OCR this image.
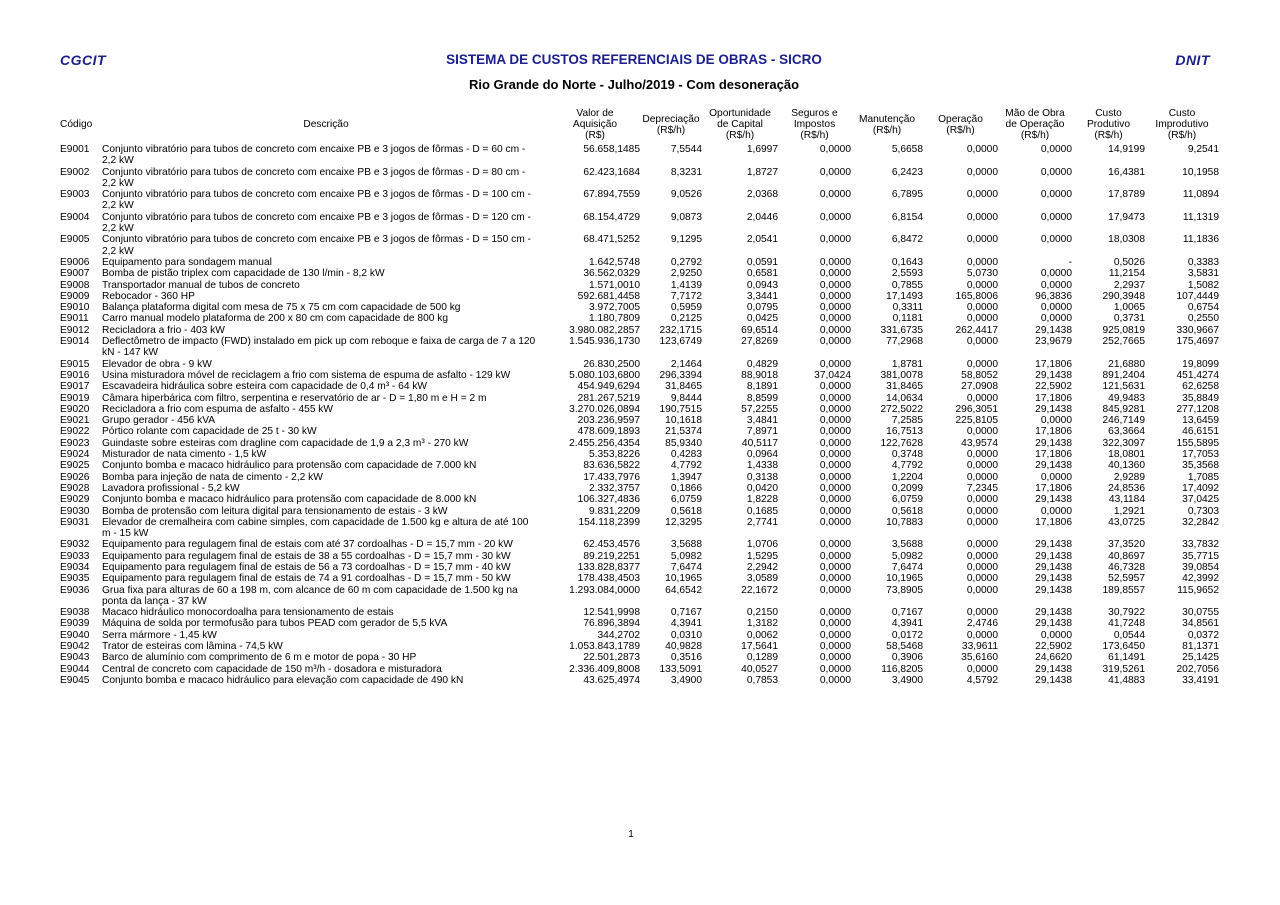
CGCIT	SISTEMA DE CUSTOS REFERENCIAIS DE OBRAS - SICRO	DNIT
Rio Grande do Norte - Julho/2019 - Com desoneração
Código	Descrição	Valor de
Aquisição
(R$)	Depreciação
(R$/h)	Oportunidade
de Capital
(R$/h)	Seguros e
Impostos
(R$/h)	Manutenção
(R$/h)	Operação
(R$/h)	Mão de Obra
de Operação
(R$/h)	Custo
Produtivo
(R$/h)	Custo
Improdutivo
(R$/h)
E9001	Conjunto vibratório para tubos de concreto com encaixe PB e 3 jogos de fôrmas - D = 60 cm - 2,2 kW	56.658,1485	7,5544	1,6997	0,0000	5,6658	0,0000	0,0000	14,9199	9,2541
E9002	Conjunto vibratório para tubos de concreto com encaixe PB e 3 jogos de fôrmas - D = 80 cm - 2,2 kW	62.423,1684	8,3231	1,8727	0,0000	6,2423	0,0000	0,0000	16,4381	10,1958
E9003	Conjunto vibratório para tubos de concreto com encaixe PB e 3 jogos de fôrmas - D = 100 cm - 2,2 kW	67.894,7559	9,0526	2,0368	0,0000	6,7895	0,0000	0,0000	17,8789	11,0894
E9004	Conjunto vibratório para tubos de concreto com encaixe PB e 3 jogos de fôrmas - D = 120 cm - 2,2 kW	68.154,4729	9,0873	2,0446	0,0000	6,8154	0,0000	0,0000	17,9473	11,1319
E9005	Conjunto vibratório para tubos de concreto com encaixe PB e 3 jogos de fôrmas - D = 150 cm - 2,2 kW	68.471,5252	9,1295	2,0541	0,0000	6,8472	0,0000	0,0000	18,0308	11,1836
E9006	Equipamento para sondagem manual	1.642,5748	0,2792	0,0591	0,0000	0,1643	0,0000	-	0,5026	0,3383
E9007	Bomba de pistão triplex com capacidade de 130 l/min - 8,2 kW	36.562,0329	2,9250	0,6581	0,0000	2,5593	5,0730	0,0000	11,2154	3,5831
E9008	Transportador manual de tubos de concreto	1.571,0010	1,4139	0,0943	0,0000	0,7855	0,0000	0,0000	2,2937	1,5082
E9009	Rebocador - 360 HP	592.681,4458	7,7172	3,3441	0,0000	17,1493	165,8006	96,3836	290,3948	107,4449
E9010	Balança plataforma digital com mesa de 75 x 75 cm com capacidade de 500 kg	3.972,7005	0,5959	0,0795	0,0000	0,3311	0,0000	0,0000	1,0065	0,6754
E9011	Carro manual modelo plataforma de 200 x 80 cm com capacidade de 800 kg	1.180,7809	0,2125	0,0425	0,0000	0,1181	0,0000	0,0000	0,3731	0,2550
E9012	Recicladora a frio - 403 kW	3.980.082,2857	232,1715	69,6514	0,0000	331,6735	262,4417	29,1438	925,0819	330,9667
E9014	Deflectômetro de impacto (FWD) instalado em pick up com reboque e faixa de carga de 7 a 120 kN - 147 kW	1.545.936,1730	123,6749	27,8269	0,0000	77,2968	0,0000	23,9679	252,7665	175,4697
E9015	Elevador de obra - 9 kW	26.830,2500	2,1464	0,4829	0,0000	1,8781	0,0000	17,1806	21,6880	19,8099
E9016	Usina misturadora móvel de reciclagem a frio com sistema de espuma de asfalto - 129 kW	5.080.103,6800	296,3394	88,9018	37,0424	381,0078	58,8052	29,1438	891,2404	451,4274
E9017	Escavadeira hidráulica sobre esteira com capacidade de 0,4 m³ - 64 kW	454.949,6294	31,8465	8,1891	0,0000	31,8465	27,0908	22,5902	121,5631	62,6258
E9019	Câmara hiperbárica com filtro, serpentina e reservatório de ar - D = 1,80 m e H = 2 m	281.267,5219	9,8444	8,8599	0,0000	14,0634	0,0000	17,1806	49,9483	35,8849
E9020	Recicladora a frio com espuma de asfalto - 455 kW	3.270.026,0894	190,7515	57,2255	0,0000	272,5022	296,3051	29,1438	845,9281	277,1208
E9021	Grupo gerador - 456 kVA	203.236,9597	10,1618	3,4841	0,0000	7,2585	225,8105	0,0000	246,7149	13,6459
E9022	Pórtico rolante com capacidade de 25 t - 30 kW	478.609,1893	21,5374	7,8971	0,0000	16,7513	0,0000	17,1806	63,3664	46,6151
E9023	Guindaste sobre esteiras com dragline com capacidade de 1,9 a 2,3 m³ - 270 kW	2.455.256,4354	85,9340	40,5117	0,0000	122,7628	43,9574	29,1438	322,3097	155,5895
E9024	Misturador de nata cimento - 1,5 kW	5.353,8226	0,4283	0,0964	0,0000	0,3748	0,0000	17,1806	18,0801	17,7053
E9025	Conjunto bomba e macaco hidráulico para protensão com capacidade de 7.000 kN	83.636,5822	4,7792	1,4338	0,0000	4,7792	0,0000	29,1438	40,1360	35,3568
E9026	Bomba para injeção de nata de cimento - 2,2 kW	17.433,7976	1,3947	0,3138	0,0000	1,2204	0,0000	0,0000	2,9289	1,7085
E9028	Lavadora profissional - 5,2 kW	2.332,3757	0,1866	0,0420	0,0000	0,2099	7,2345	17,1806	24,8536	17,4092
E9029	Conjunto bomba e macaco hidráulico para protensão com capacidade de 8.000 kN	106.327,4836	6,0759	1,8228	0,0000	6,0759	0,0000	29,1438	43,1184	37,0425
E9030	Bomba de protensão com leitura digital para tensionamento de estais - 3 kW	9.831,2209	0,5618	0,1685	0,0000	0,5618	0,0000	0,0000	1,2921	0,7303
E9031	Elevador de cremalheira com cabine simples, com capacidade de 1.500 kg e altura de até 100 m - 15 kW	154.118,2399	12,3295	2,7741	0,0000	10,7883	0,0000	17,1806	43,0725	32,2842
E9032	Equipamento para regulagem final de estais com até 37 cordoalhas - D = 15,7 mm - 20 kW	62.453,4576	3,5688	1,0706	0,0000	3,5688	0,0000	29,1438	37,3520	33,7832
E9033	Equipamento para regulagem final de estais de 38 a 55 cordoalhas - D = 15,7 mm - 30 kW	89.219,2251	5,0982	1,5295	0,0000	5,0982	0,0000	29,1438	40,8697	35,7715
E9034	Equipamento para regulagem final de estais de 56 a 73 cordoalhas - D = 15,7 mm - 40 kW	133.828,8377	7,6474	2,2942	0,0000	7,6474	0,0000	29,1438	46,7328	39,0854
E9035	Equipamento para regulagem final de estais de 74 a 91 cordoalhas - D = 15,7 mm - 50 kW	178.438,4503	10,1965	3,0589	0,0000	10,1965	0,0000	29,1438	52,5957	42,3992
E9036	Grua fixa para alturas de 60 a 198 m, com alcance de 60 m com capacidade de 1.500 kg na ponta da lança - 37 kW	1.293.084,0000	64,6542	22,1672	0,0000	73,8905	0,0000	29,1438	189,8557	115,9652
E9038	Macaco hidráulico monocordoalha para tensionamento de estais	12.541,9998	0,7167	0,2150	0,0000	0,7167	0,0000	29,1438	30,7922	30,0755
E9039	Máquina de solda por termofusão para tubos PEAD com gerador de 5,5 kVA	76.896,3894	4,3941	1,3182	0,0000	4,3941	2,4746	29,1438	41,7248	34,8561
E9040	Serra mármore - 1,45 kW	344,2702	0,0310	0,0062	0,0000	0,0172	0,0000	0,0000	0,0544	0,0372
E9042	Trator de esteiras com lâmina - 74,5 kW	1.053.843,1789	40,9828	17,5641	0,0000	58,5468	33,9611	22,5902	173,6450	81,1371
E9043	Barco de alumínio com comprimento de 6 m e motor de popa - 30 HP	22.501,2873	0,3516	0,1289	0,0000	0,3906	35,6160	24,6620	61,1491	25,1425
E9044	Central de concreto com capacidade de 150 m³/h - dosadora e misturadora	2.336.409,8008	133,5091	40,0527	0,0000	116,8205	0,0000	29,1438	319,5261	202,7056
E9045	Conjunto bomba e macaco hidráulico para elevação com capacidade de 490 kN	43.625,4974	3,4900	0,7853	0,0000	3,4900	4,5792	29,1438	41,4883	33,4191
1
